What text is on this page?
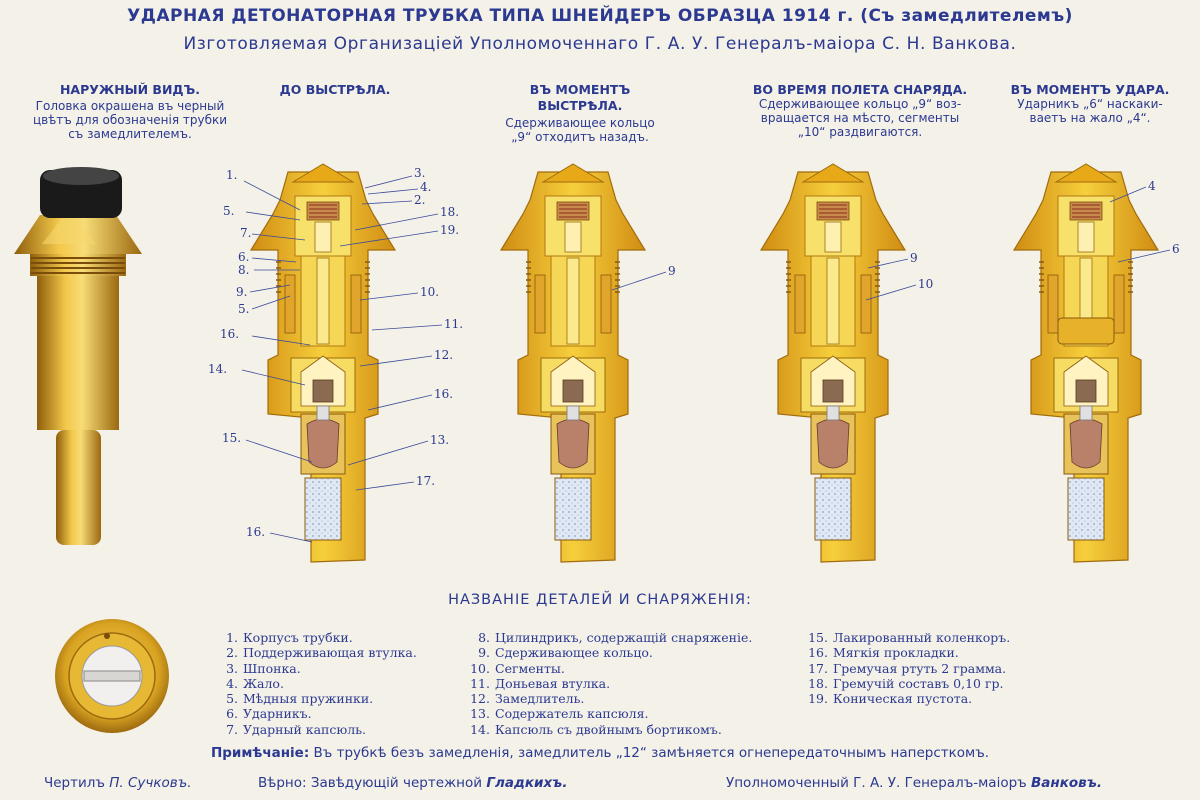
УДАРНАЯ ДЕТОНАТОРНАЯ ТРУБКА ТИПА ШНЕЙДЕРЪ ОБРАЗЦА 1914 г. (Съ замедлителемъ)
Изготовляемая Организацiей Уполномоченнаго Г. А. У. Генералъ-маiора С. Н. Ванкова.
НАРУЖНЫЙ ВИДЪ.
Головка окрашена въ черный
цвѣтъ для обозначенiя трубки
съ замедлителемъ.
ДО ВЫСТРѢЛА.	ВЪ МОМЕНТЪ
ВЫСТРѢЛА.
Сдерживающее кольцо
„9“ отходитъ назадъ.
ВО ВРЕМЯ ПОЛЕТА СНАРЯДА.
Сдерживающее кольцо „9“ воз-
вращается на мѣсто, сегменты
„10“ раздвигаются.
ВЪ МОМЕНТЪ УДАРА.
Ударникъ „6“ наскаки-
ваетъ на жало „4“.
1.
5.
7.
6.
8.
9.
5.
16.
14.
15.
16.
3.
4.
2.
18.
19.
10.
11.
12.
16.
13.
17.
9
9
10
4
6
НАЗВАНIЕ ДЕТАЛЕЙ И СНАРЯЖЕНIЯ:
1. Корпусъ трубки.
2. Поддерживающая втулка.
3. Шпонка.
4. Жало.
5. Мѣдныя пружинки.
6. Ударникъ.
7. Ударный капсюль.
8. Цилиндрикъ, содержащiй снаряженiе.
9. Сдерживающее кольцо.
10. Сегменты.
11. Доньевая втулка.
12. Замедлитель.
13. Содержатель капсюля.
14. Капсюль съ двойнымъ бортикомъ.
15. Лакированный коленкоръ.
16. Мягкiя прокладки.
17. Гремучая ртуть 2 грамма.
18. Гремучiй составъ 0,10 гр.
19. Коническая пустота.
Примѣчанiе: Въ трубкѣ безъ замедленiя, замедлитель „12“ замѣняется огнепередаточнымъ наперсткомъ.
Чертилъ П. Сучковъ.	Вѣрно: Завѣдующiй чертежной Гладкихъ.	Уполномоченный Г. А. У. Генералъ-маiоръ Ванковъ.
